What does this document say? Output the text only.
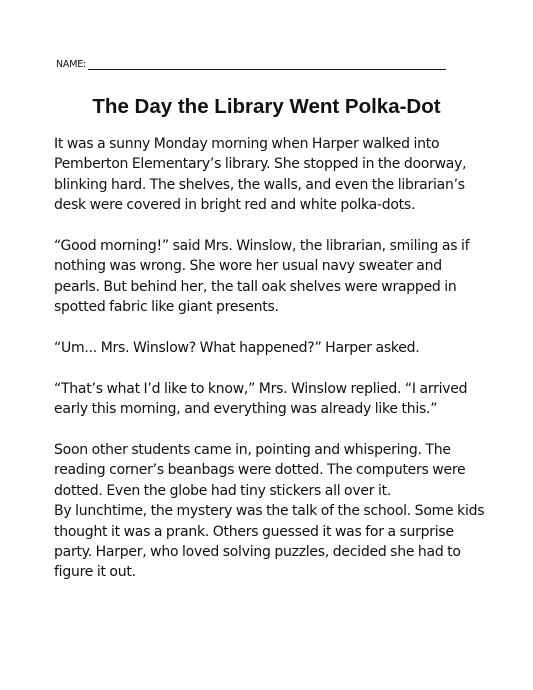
NAME:
The Day the Library Went Polka-Dot

It was a sunny Monday morning when Harper walked into Pemberton Elementary’s library. She stopped in the doorway, blinking hard. The shelves, the walls, and even the librarian’s desk were covered in bright red and white polka-dots.

“Good morning!” said Mrs. Winslow, the librarian, smiling as if nothing was wrong. She wore her usual navy sweater and pearls. But behind her, the tall oak shelves were wrapped in spotted fabric like giant presents.

“Um... Mrs. Winslow? What happened?” Harper asked.

“That’s what I’d like to know,” Mrs. Winslow replied. “I arrived early this morning, and everything was already like this.”

Soon other students came in, pointing and whispering. The reading corner’s beanbags were dotted. The computers were dotted. Even the globe had tiny stickers all over it.

By lunchtime, the mystery was the talk of the school. Some kids thought it was a prank. Others guessed it was for a surprise party. Harper, who loved solving puzzles, decided she had to figure it out.
